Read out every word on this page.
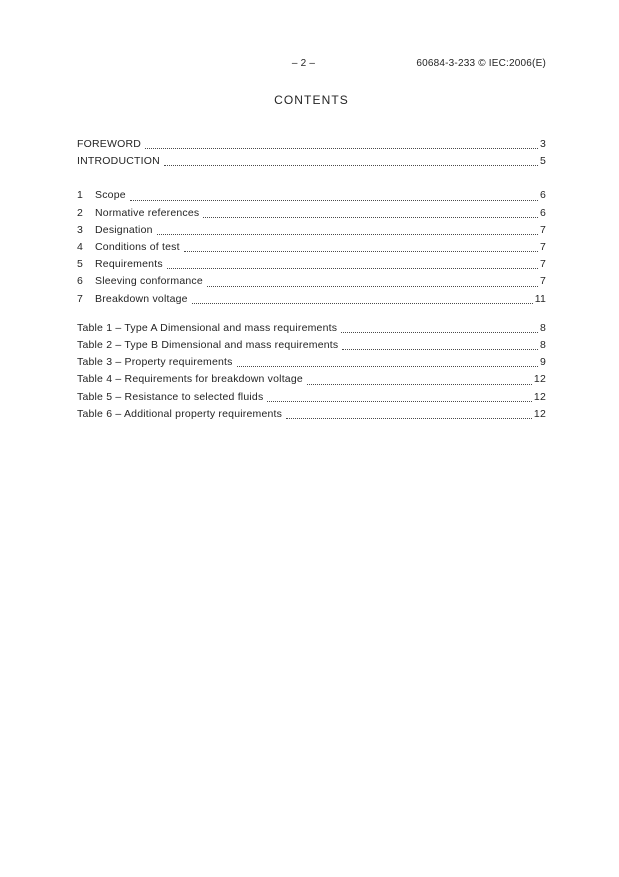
– 2 –	60684-3-233 © IEC:2006(E)
CONTENTS
FOREWORD	3
INTRODUCTION	5
1	Scope	6
2	Normative references	6
3	Designation	7
4	Conditions of test	7
5	Requirements	7
6	Sleeving conformance	7
7	Breakdown voltage	11
Table 1 – Type A Dimensional and mass requirements	8
Table 2 – Type B Dimensional and mass requirements	8
Table 3 – Property requirements	9
Table 4 – Requirements for breakdown voltage	12
Table 5 – Resistance to selected fluids	12
Table 6 – Additional property requirements	12
